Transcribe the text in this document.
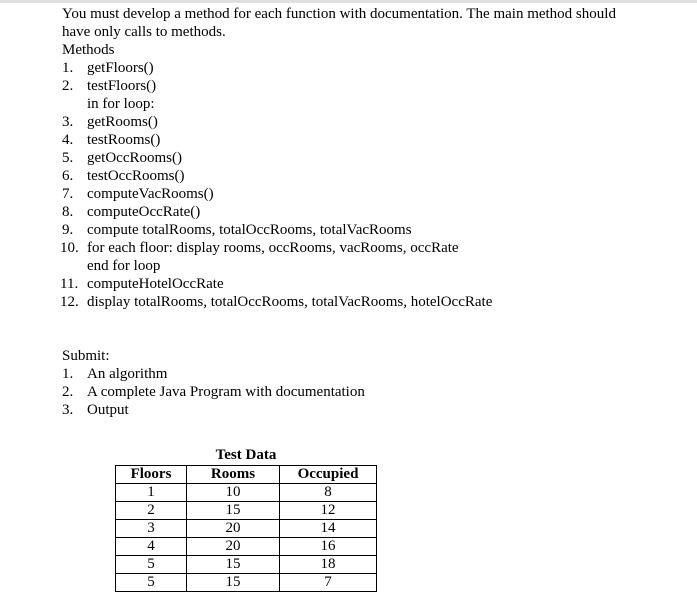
You must develop a method for each function with documentation. The main method should
have only calls to methods.
Methods
1. getFloors()
2. testFloors()
in for loop:
3. getRooms()
4. testRooms()
5. getOccRooms()
6. testOccRooms()
7. computeVacRooms()
8. computeOccRate()
9. compute totalRooms, totalOccRooms, totalVacRooms
10. for each floor: display rooms, occRooms, vacRooms, occRate
end for loop
11. computeHotelOccRate
12. display totalRooms, totalOccRooms, totalVacRooms, hotelOccRate
Submit:
1. An algorithm
2. A complete Java Program with documentation
3. Output
Test Data
Floors	Rooms	Occupied
1	10	8
2	15	12
3	20	14
4	20	16
5	15	18
5	15	7
